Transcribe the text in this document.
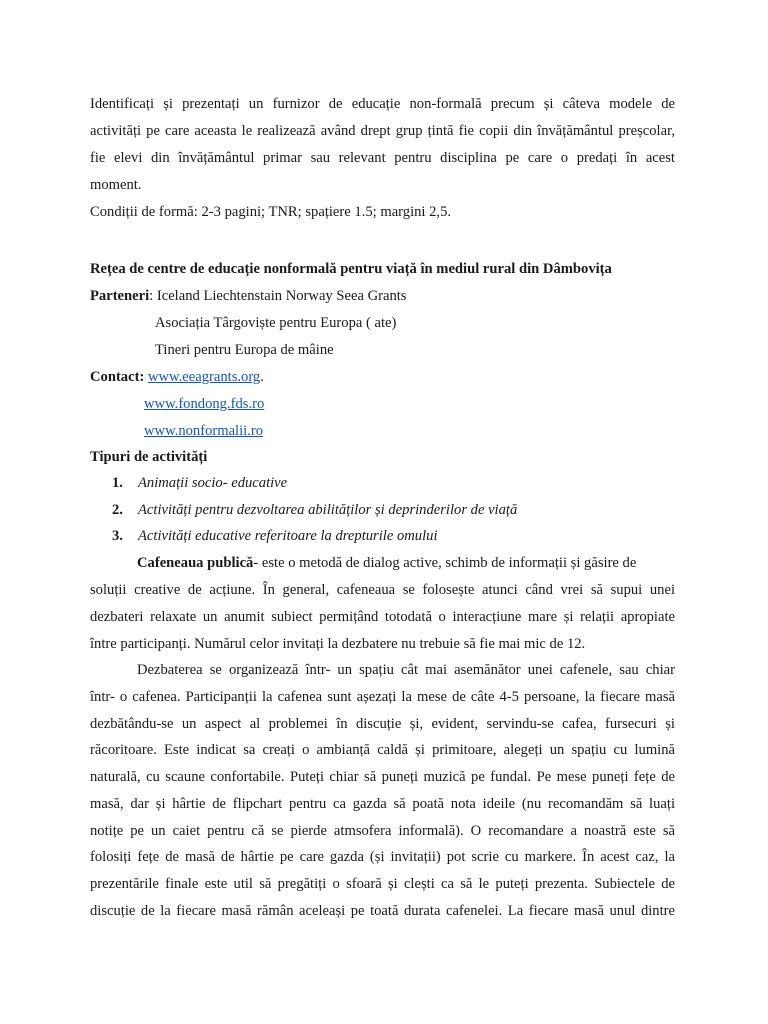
Identificați și prezentați un furnizor de educație non-formală precum și câteva modele de

activități pe care aceasta le realizează având drept grup țintă fie copii din învățământul preșcolar,

fie elevi din învățământul primar sau relevant pentru disciplina pe care o predați în acest

moment.

Condiții de formă: 2-3 pagini; TNR; spațiere 1.5; margini 2,5.

Rețea de centre de educație nonformală pentru viață în mediul rural din Dâmbovița

Parteneri: Iceland Liechtenstain Norway Seea Grants

Asociația Târgoviște pentru Europa ( ate)

Tineri pentru Europa de mâine

Contact: www.eeagrants.org.

www.fondong.fds.ro

www.nonformalii.ro

Tipuri de activități

1. Animații socio- educative

2. Activități pentru dezvoltarea abilităților și deprinderilor de viață

3. Activități educative referitoare la drepturile omului

Cafeneaua publică- este o metodă de dialog active, schimb de informații și găsire de

soluții creative de acțiune. În general, cafeneaua se folosește atunci când vrei să supui unei

dezbateri relaxate un anumit subiect permițând totodată o interacțiune mare și relații apropiate

între participanți. Numărul celor invitați la dezbatere nu trebuie să fie mai mic de 12.

Dezbaterea se organizează într- un spațiu cât mai asemănător unei cafenele, sau chiar

într- o cafenea. Participanții la cafenea sunt așezați la mese de câte 4-5 persoane, la fiecare masă

dezbătându-se un aspect al problemei în discuție și, evident, servindu-se cafea, fursecuri și

răcoritoare. Este indicat sa creați o ambianță caldă și primitoare, alegeți un spațiu cu lumină

naturală, cu scaune confortabile. Puteți chiar să puneți muzică pe fundal. Pe mese puneți fețe de

masă, dar și hârtie de flipchart pentru ca gazda să poată nota ideile (nu recomandăm să luați

notițe pe un caiet pentru că se pierde atmsofera informală). O recomandare a noastră este să

folosiți fețe de masă de hârtie pe care gazda (și invitații) pot scrie cu markere. În acest caz, la

prezentările finale este util să pregătiți o sfoară și clești ca să le puteți prezenta. Subiectele de

discuție de la fiecare masă rămân aceleași pe toată durata cafenelei. La fiecare masă unul dintre
